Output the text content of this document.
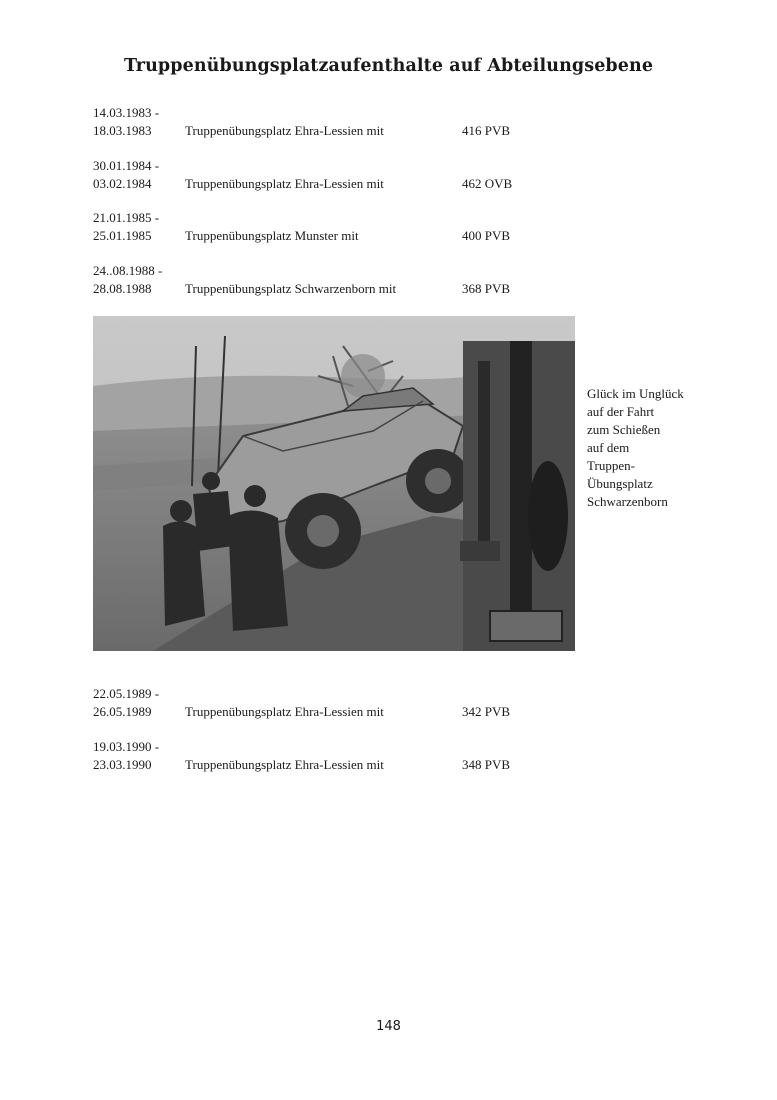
Truppenübungsplatzaufenthalte auf Abteilungsebene
14.03.1983 -
18.03.1983	Truppenübungsplatz Ehra-Lessien mit	416 PVB
30.01.1984 -
03.02.1984	Truppenübungsplatz Ehra-Lessien mit	462 OVB
21.01.1985 -
25.01.1985	Truppenübungsplatz Munster mit	400 PVB
24..08.1988 -
28.08.1988	Truppenübungsplatz Schwarzenborn mit	368 PVB
Glück im Unglück
auf der Fahrt
zum Schießen
auf dem
Truppen-
Übungsplatz
Schwarzenborn
22.05.1989 -
26.05.1989	Truppenübungsplatz Ehra-Lessien mit	342 PVB
19.03.1990 -
23.03.1990	Truppenübungsplatz Ehra-Lessien mit	348 PVB
148
